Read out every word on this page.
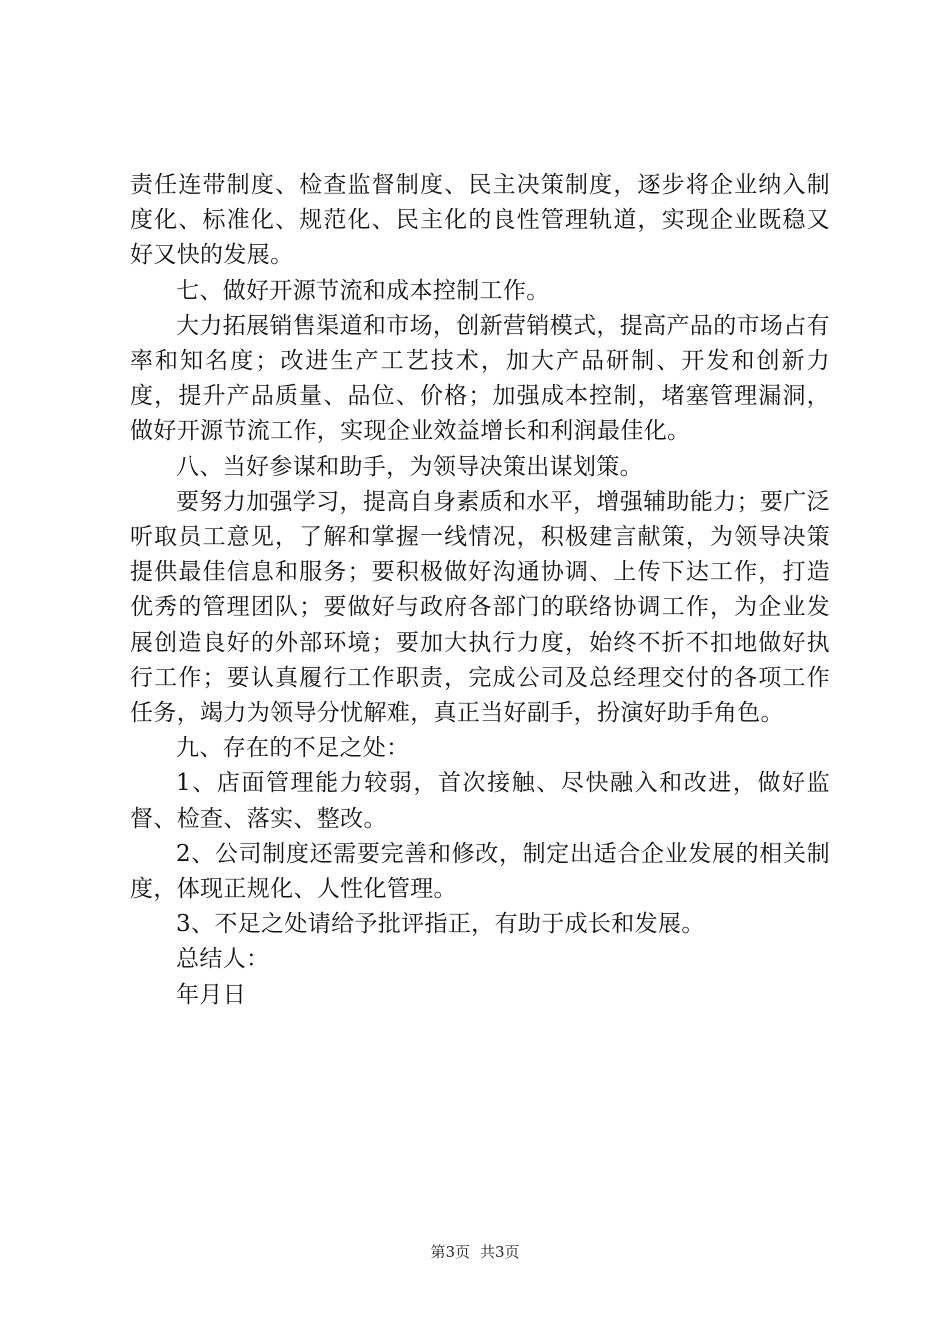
责任连带制度、检查监督制度、民主决策制度，逐步将企业纳入制度化、标准化、规范化、民主化的良性管理轨道，实现企业既稳又好又快的发展。

七、做好开源节流和成本控制工作。

大力拓展销售渠道和市场，创新营销模式，提高产品的市场占有率和知名度；改进生产工艺技术，加大产品研制、开发和创新力度，提升产品质量、品位、价格；加强成本控制，堵塞管理漏洞，做好开源节流工作，实现企业效益增长和利润最佳化。

八、当好参谋和助手，为领导决策出谋划策。

要努力加强学习，提高自身素质和水平，增强辅助能力；要广泛听取员工意见，了解和掌握一线情况，积极建言献策，为领导决策提供最佳信息和服务；要积极做好沟通协调、上传下达工作，打造优秀的管理团队；要做好与政府各部门的联络协调工作，为企业发展创造良好的外部环境；要加大执行力度，始终不折不扣地做好执行工作；要认真履行工作职责，完成公司及总经理交付的各项工作任务，竭力为领导分忧解难，真正当好副手，扮演好助手角色。

九、存在的不足之处：

1、店面管理能力较弱，首次接触、尽快融入和改进，做好监督、检查、落实、整改。

2、公司制度还需要完善和修改，制定出适合企业发展的相关制度，体现正规化、人性化管理。

3、不足之处请给予批评指正，有助于成长和发展。

总结人：

年月日

第3页 共3页
